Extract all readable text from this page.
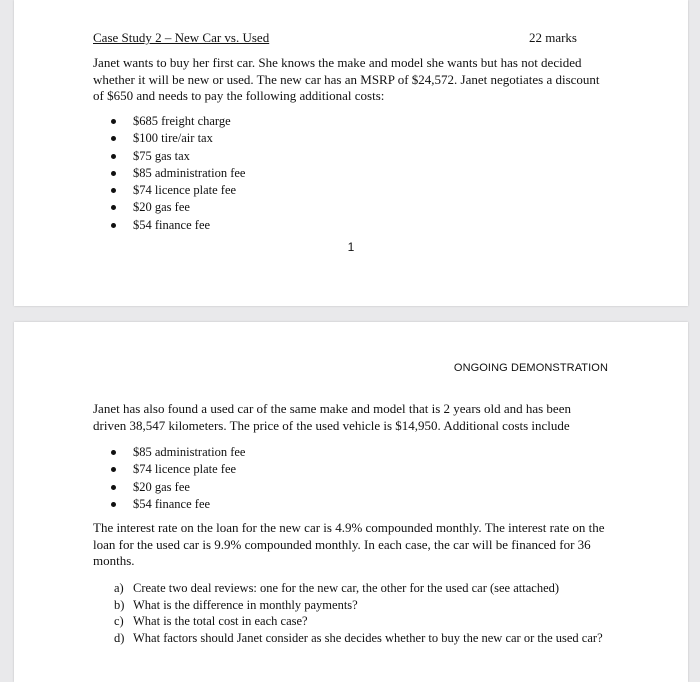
Case Study 2 – New Car vs. Used	22 marks
Janet wants to buy her first car. She knows the make and model she wants but has not decided whether it will be new or used. The new car has an MSRP of $24,572. Janet negotiates a discount of $650 and needs to pay the following additional costs:
$685 freight charge
$100 tire/air tax
$75 gas tax
$85 administration fee
$74 licence plate fee
$20 gas fee
$54 finance fee
1
ONGOING DEMONSTRATION
Janet has also found a used car of the same make and model that is 2 years old and has been driven 38,547 kilometers. The price of the used vehicle is $14,950. Additional costs include
$85 administration fee
$74 licence plate fee
$20 gas fee
$54 finance fee
The interest rate on the loan for the new car is 4.9% compounded monthly. The interest rate on the loan for the used car is 9.9% compounded monthly. In each case, the car will be financed for 36 months.
a) Create two deal reviews: one for the new car, the other for the used car (see attached)
b) What is the difference in monthly payments?
c) What is the total cost in each case?
d) What factors should Janet consider as she decides whether to buy the new car or the used car?
